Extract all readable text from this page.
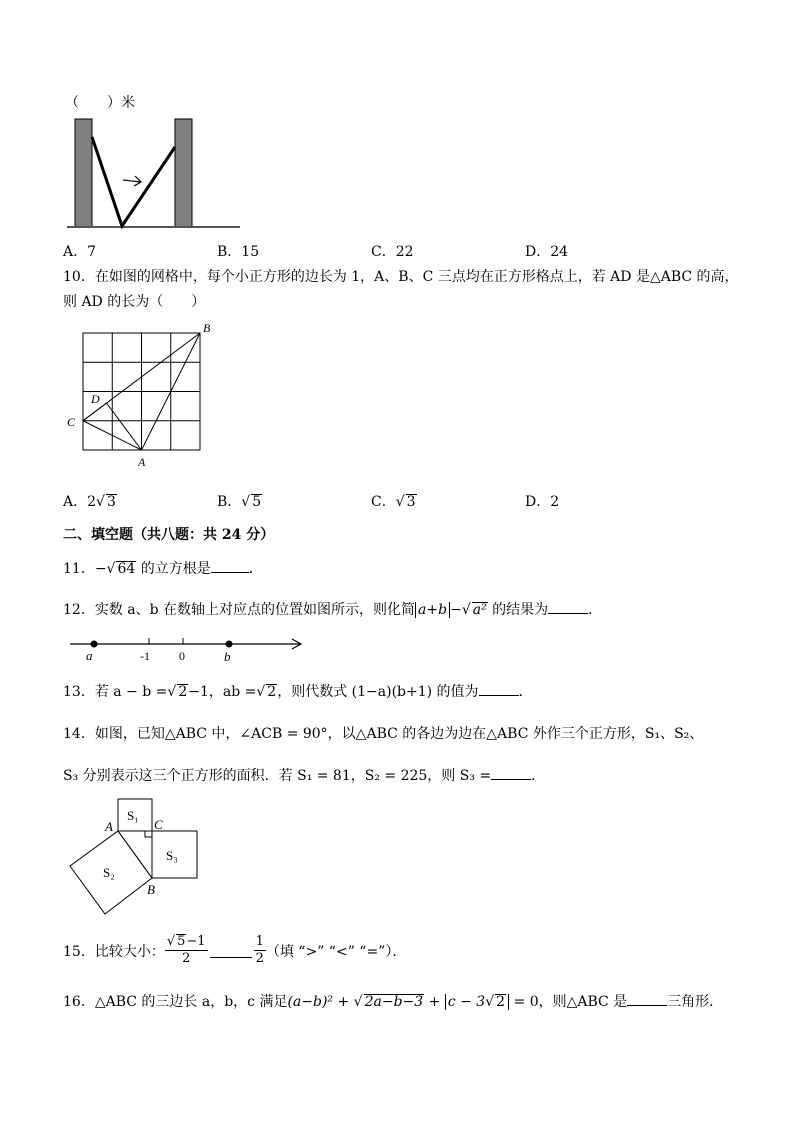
（　　）米
A．7	B．15	C．22	D．24
10．在如图的网格中，每个小正方形的边长为 1，A、B、C 三点均在正方形格点上，若 AD 是△ABC 的高，
则 AD 的长为（　　）
B
C
D
A
A．2√ 3	B．√ 5	C．√ 3	D．2
二、填空题（共八题：共 24 分）
11．−√ 64 的立方根是	．
12．实数 a、b 在数轴上对应点的位置如图所示，则化简 a+b −√ a² 的结果为	．
a	-1 0	b
13．若 a − b =√ 2−1，ab =√ 2，则代数式 (1−a)(b+1) 的值为	．
14．如图，已知△ABC 中，∠ACB = 90°，以△ABC 的各边为边在△ABC 外作三个正方形，S₁、S₂、
S₃ 分别表示这三个正方形的面积．若 S₁ = 81，S₂ = 225，则 S₃ =	．
S₁
S₃
S₂
A	C
B
15．比较大小： $\frac{√ 5-1}{2}$	$\frac{1}{2}$ （填 “>” “<” “=”）．
16．△ABC 的三边长 a，b，c 满足(a−b)² + √ 2a−b−3 + c − 3√ 2 = 0，则△ABC 是	三角形．
